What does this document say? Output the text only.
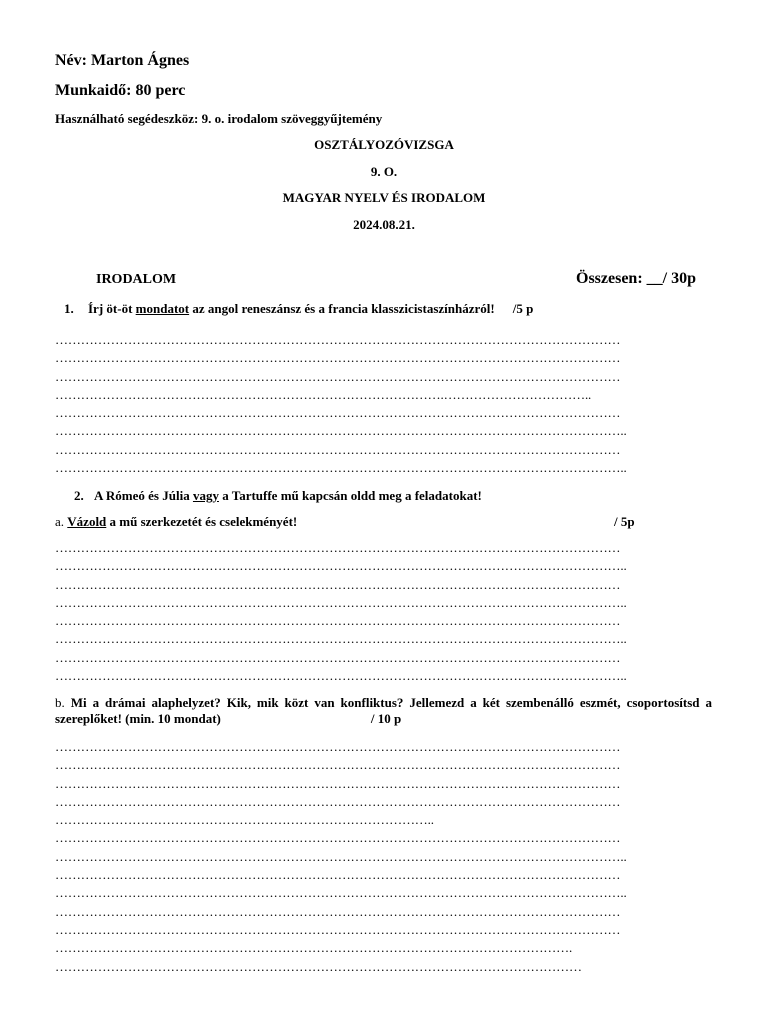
Név: Marton Ágnes
Munkaidő: 80 perc
Használható segédeszköz: 9. o. irodalom szöveggyűjtemény
OSZTÁLYOZÓVIZSGA
9. O.
MAGYAR NYELV ÉS IRODALOM
2024.08.21.
IRODALOM	Összesen: __/ 30p
1. Írj öt-öt mondatot az angol reneszánsz és a francia klasszicistaszínházról! /5 p
……………………………………………………………………………………………………………………
……………………………………………………………………………………………………………………
……………………………………………………………………………………………………………………
……………………………………………………………………………….……………………………..
……………………………………………………………………………………………………………………
……………………………………………………………………………………………………………………..
……………………………………………………………………………………………………………………
……………………………………………………………………………………………………………………..
2. A Rómeó és Júlia vagy a Tartuffe mű kapcsán oldd meg a feladatokat!
a. Vázold a mű szerkezetét és cselekményét!	/ 5p
……………………………………………………………………………………………………………………
……………………………………………………………………………………………………………………..
……………………………………………………………………………………………………………………
……………………………………………………………………………………………………………………..
……………………………………………………………………………………………………………………
……………………………………………………………………………………………………………………..
……………………………………………………………………………………………………………………
……………………………………………………………………………………………………………………..
b. Mi a drámai alaphelyzet? Kik, mik közt van konfliktus? Jellemezd a két szembenálló eszmét, csoportosítsd a szereplőket! (min. 10 mondat)	/ 10 p
……………………………………………………………………………………………………………………
……………………………………………………………………………………………………………………
……………………………………………………………………………………………………………………
……………………………………………………………………………………………………………………
……………………………………………………………………………..
……………………………………………………………………………………………………………………
……………………………………………………………………………………………………………………..
……………………………………………………………………………………………………………………
……………………………………………………………………………………………………………………..
……………………………………………………………………………………………………………………
……………………………………………………………………………………………………………………
………………………………………………………………………………………………………….
……………………………………………………………………………………………………………
